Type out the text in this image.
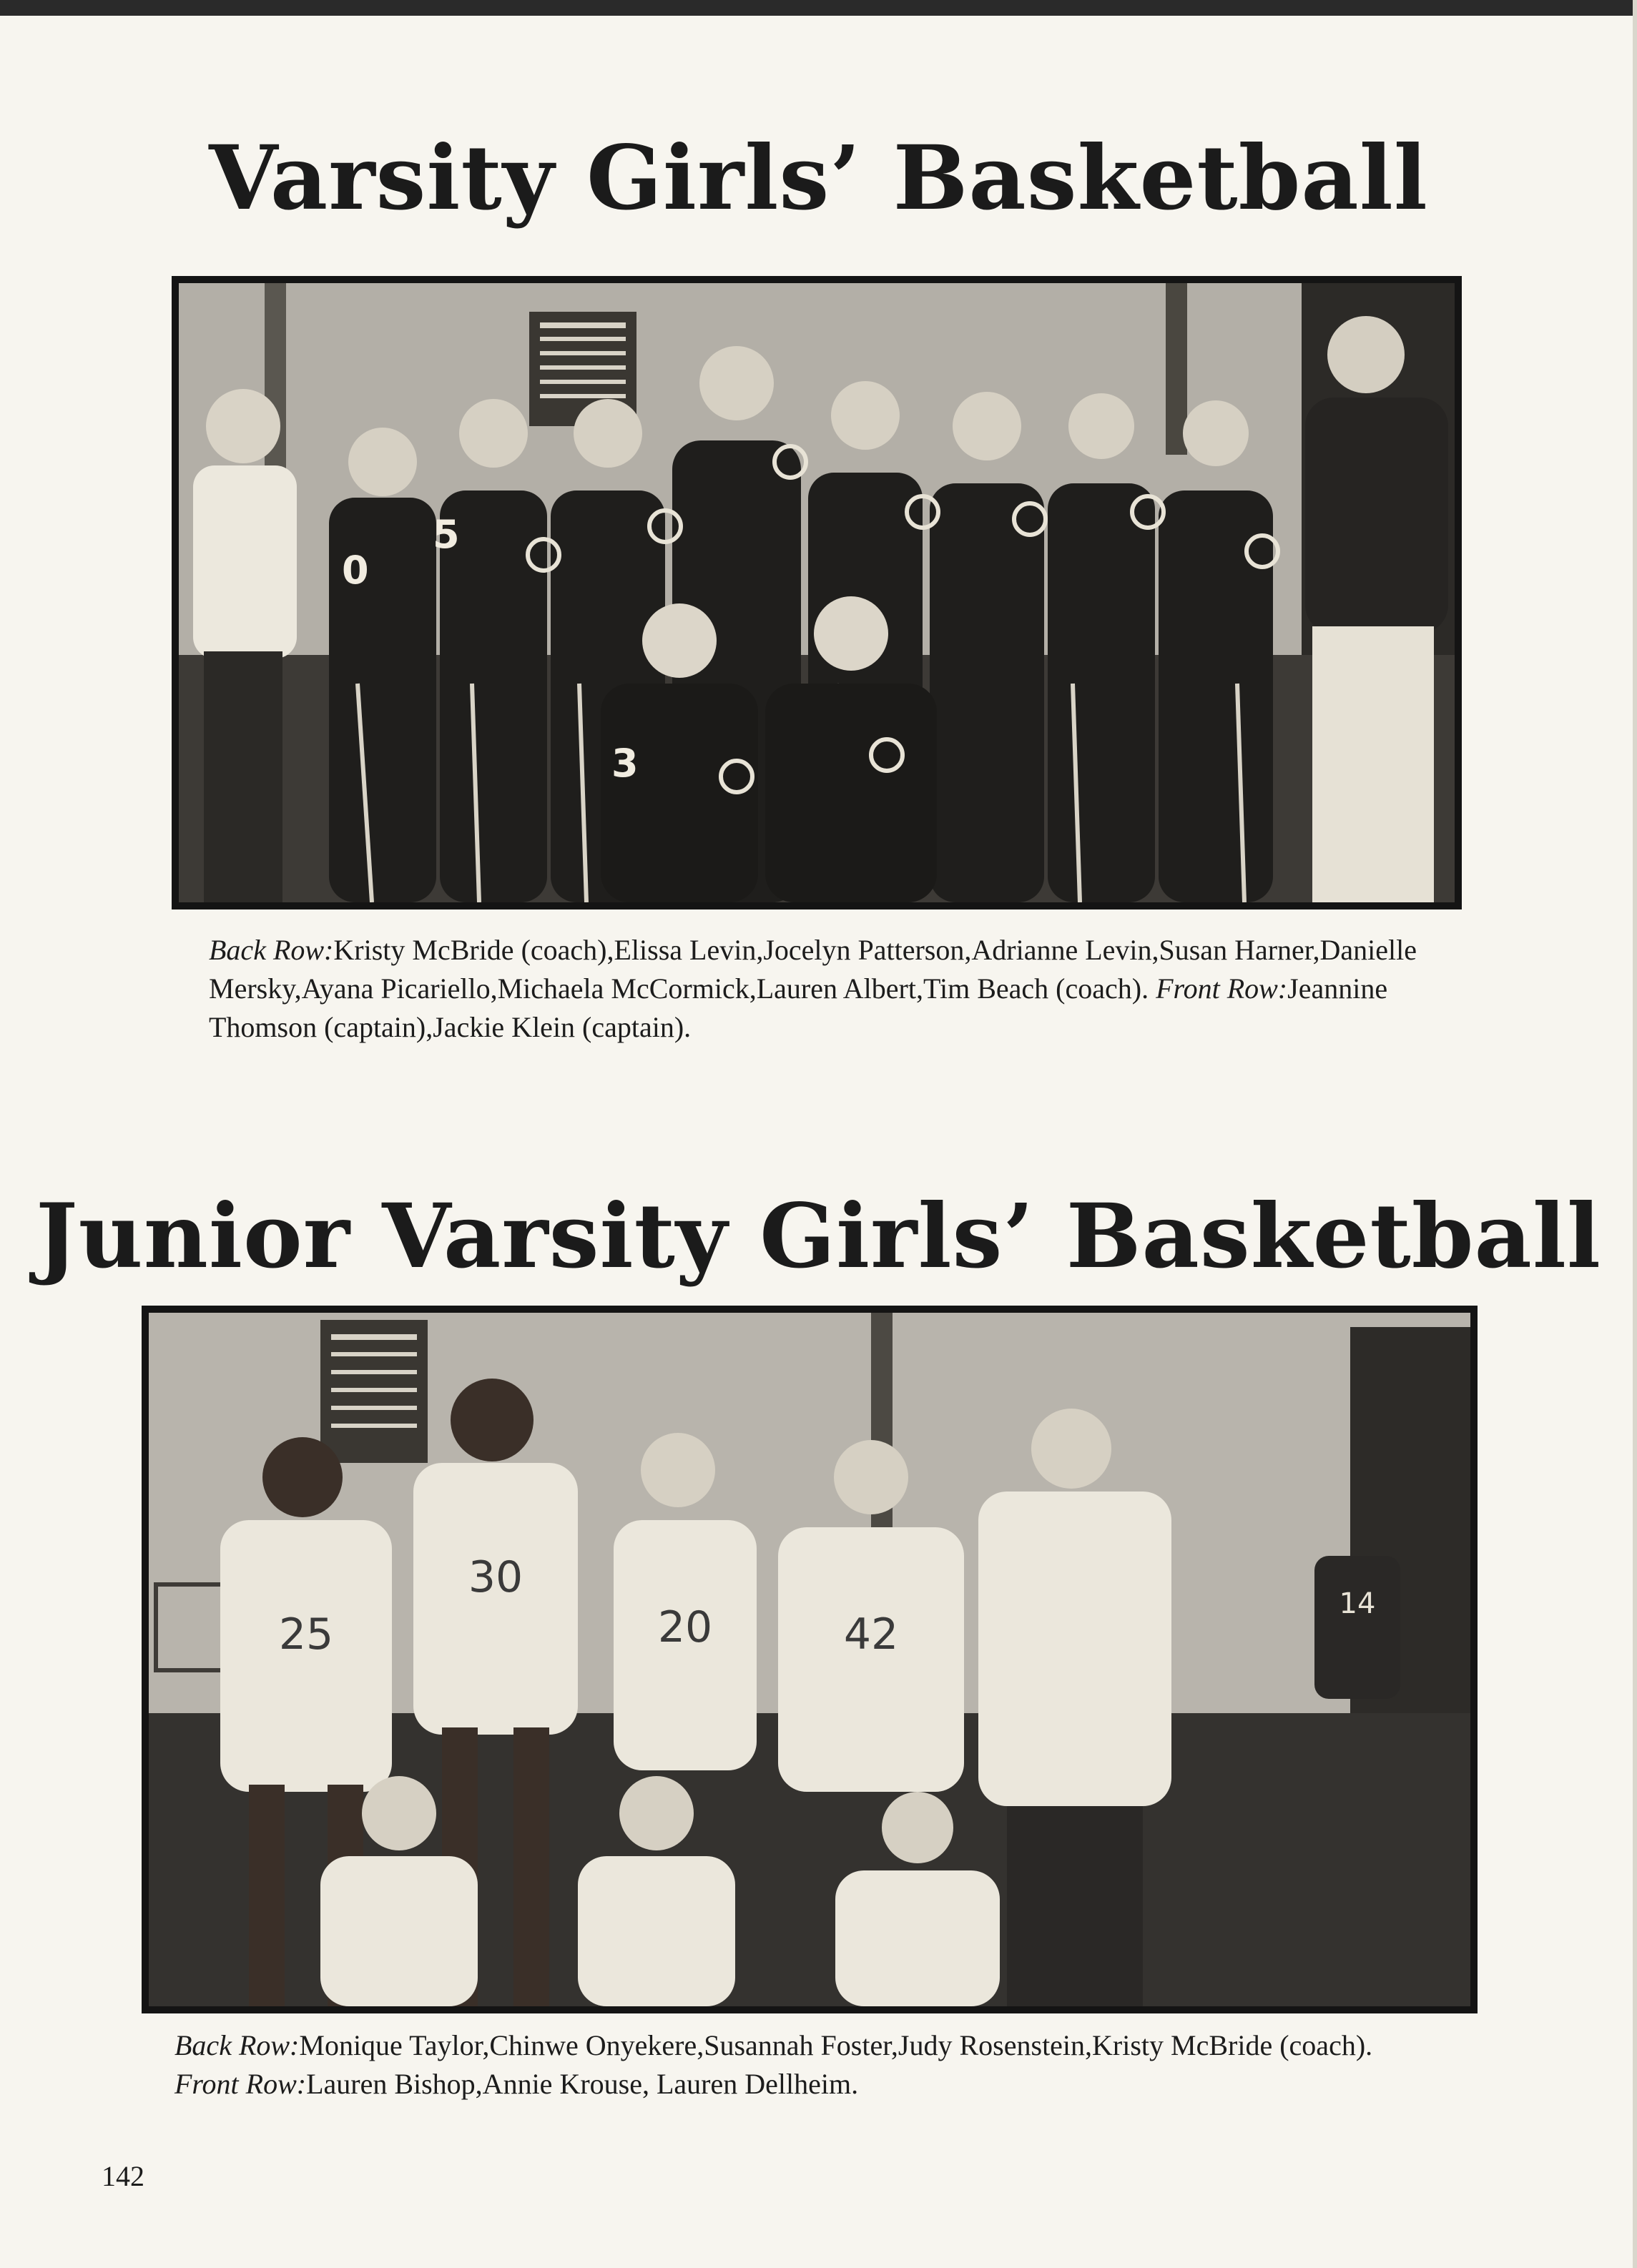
Varsity Girls’ Basketball
0
5
3

Back Row:Kristy McBride (coach),Elissa Levin,Jocelyn Patterson,Adrianne Levin,Susan Harner,Danielle Mersky,Ayana Picariello,Michaela McCormick,Lauren Albert,Tim Beach (coach). Front Row:Jeannine Thomson (captain),Jackie Klein (captain).

Junior Varsity Girls’ Basketball
25
30
20	42
14

Back Row:Monique Taylor,Chinwe Onyekere,Susannah Foster,Judy Rosenstein,Kristy McBride (coach). Front Row:Lauren Bishop,Annie Krouse, Lauren Dellheim.

142
